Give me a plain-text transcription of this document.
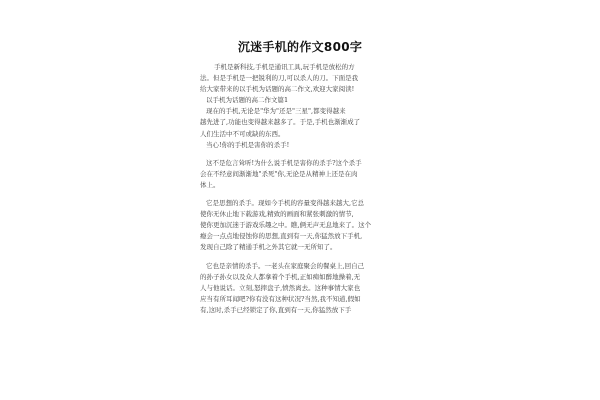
沉迷手机的作文800字
手机是新科技,手机是通讯工具,玩手机是放松的方
法。但是手机是一把锐利的刀,可以杀人的刀。下面是我
给大家带来的以手机为话题的高二作文,欢迎大家阅读!
以手机为话题的高二作文篇1
现在的手机,无论是"华为"还是"三星",都变得越来
越先进了,功能也变得越来越多了。于是,手机也渐渐成了
人们生活中不可或缺的东西。
当心!你的手机是害你的杀手!
这不是危言耸听!为什么说手机是害你的杀手?这个杀手
会在不经意间渐渐地"杀死"你,无论是从精神上还是在肉
体上。
它是思想的杀手。现如今手机的容量变得越来越大,它总
使你无休止地下载游戏,精致的画面和紧张刺激的情节,
使你更加沉迷于游戏乐趣之中。瞧,俩无声无息地来了。这个
瘾会一点点地侵蚀你的思想,直到有一天,你猛然放下手机,
发现自己除了精通手机之外其它就一无所知了。
它也是亲情的杀手。一老头在家庭聚会的餐桌上,回自己
的孙子孙女以及众人都拿着个手机,正如痴如醉地操着,无
人与他说话。立刻,怒摔盘子,愤然离去。这种事情大家也
应当有所耳闻吧?你有没有这种状况?当然,我不知道,假如
有,这时,杀手已经锁定了你,直到有一天,你猛然放下手
